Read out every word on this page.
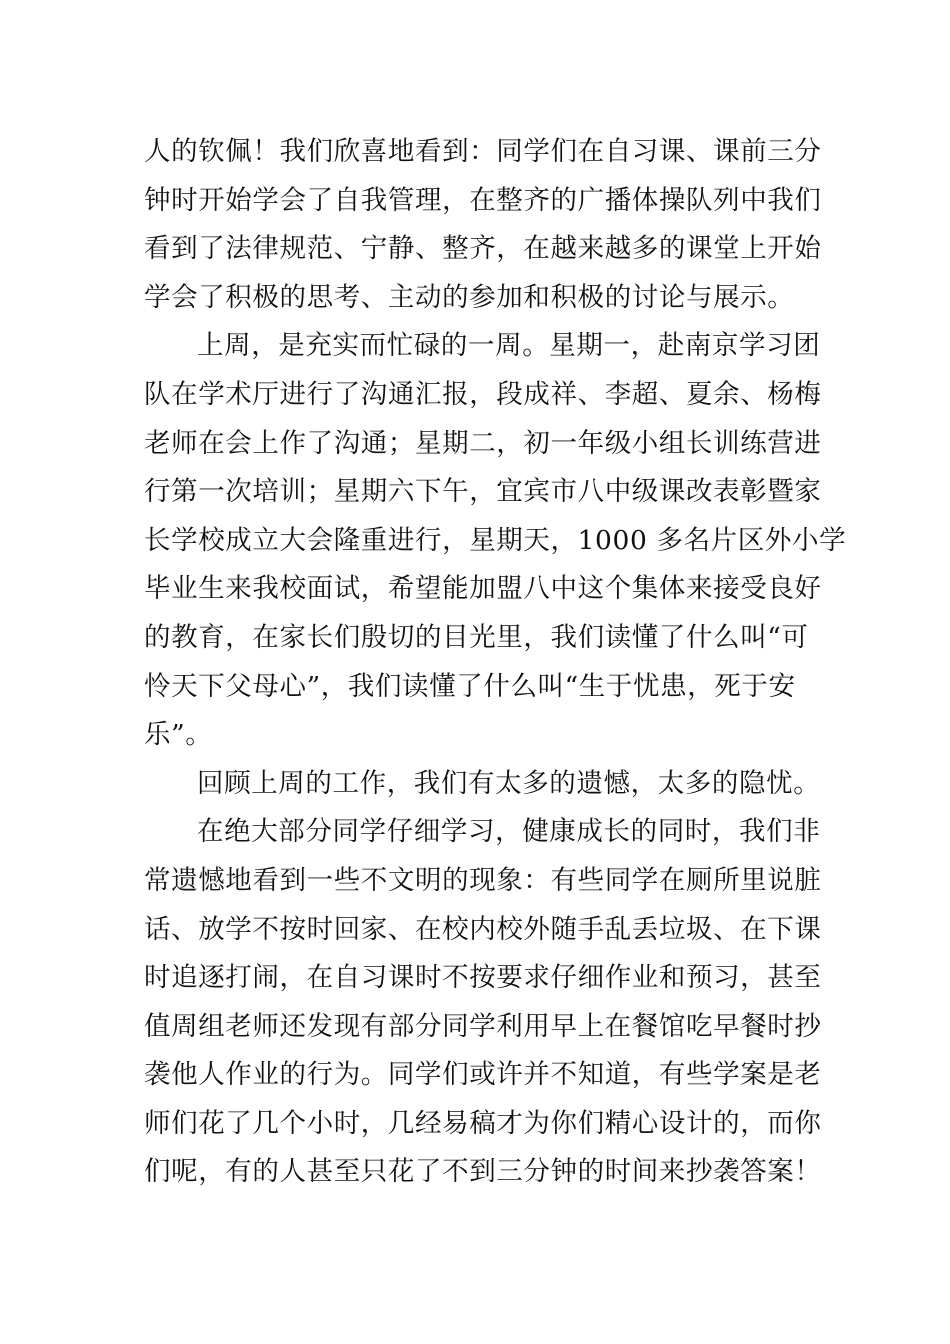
人的钦佩！我们欣喜地看到：同学们在自习课、课前三分
钟时开始学会了自我管理，在整齐的广播体操队列中我们
看到了法律规范、宁静、整齐，在越来越多的课堂上开始
学会了积极的思考、主动的参加和积极的讨论与展示。

上周，是充实而忙碌的一周。星期一，赴南京学习团
队在学术厅进行了沟通汇报，段成祥、李超、夏余、杨梅
老师在会上作了沟通；星期二，初一年级小组长训练营进
行第一次培训；星期六下午，宜宾市八中级课改表彰暨家
长学校成立大会隆重进行，星期天，1000 多名片区外小学
毕业生来我校面试，希望能加盟八中这个集体来接受良好
的教育，在家长们殷切的目光里，我们读懂了什么叫“可
怜天下父母心”，我们读懂了什么叫“生于忧患，死于安
乐”。

回顾上周的工作，我们有太多的遗憾，太多的隐忧。

在绝大部分同学仔细学习，健康成长的同时，我们非
常遗憾地看到一些不文明的现象：有些同学在厕所里说脏
话、放学不按时回家、在校内校外随手乱丢垃圾、在下课
时追逐打闹，在自习课时不按要求仔细作业和预习，甚至
值周组老师还发现有部分同学利用早上在餐馆吃早餐时抄
袭他人作业的行为。同学们或许并不知道，有些学案是老
师们花了几个小时，几经易稿才为你们精心设计的，而你
们呢，有的人甚至只花了不到三分钟的时间来抄袭答案！
